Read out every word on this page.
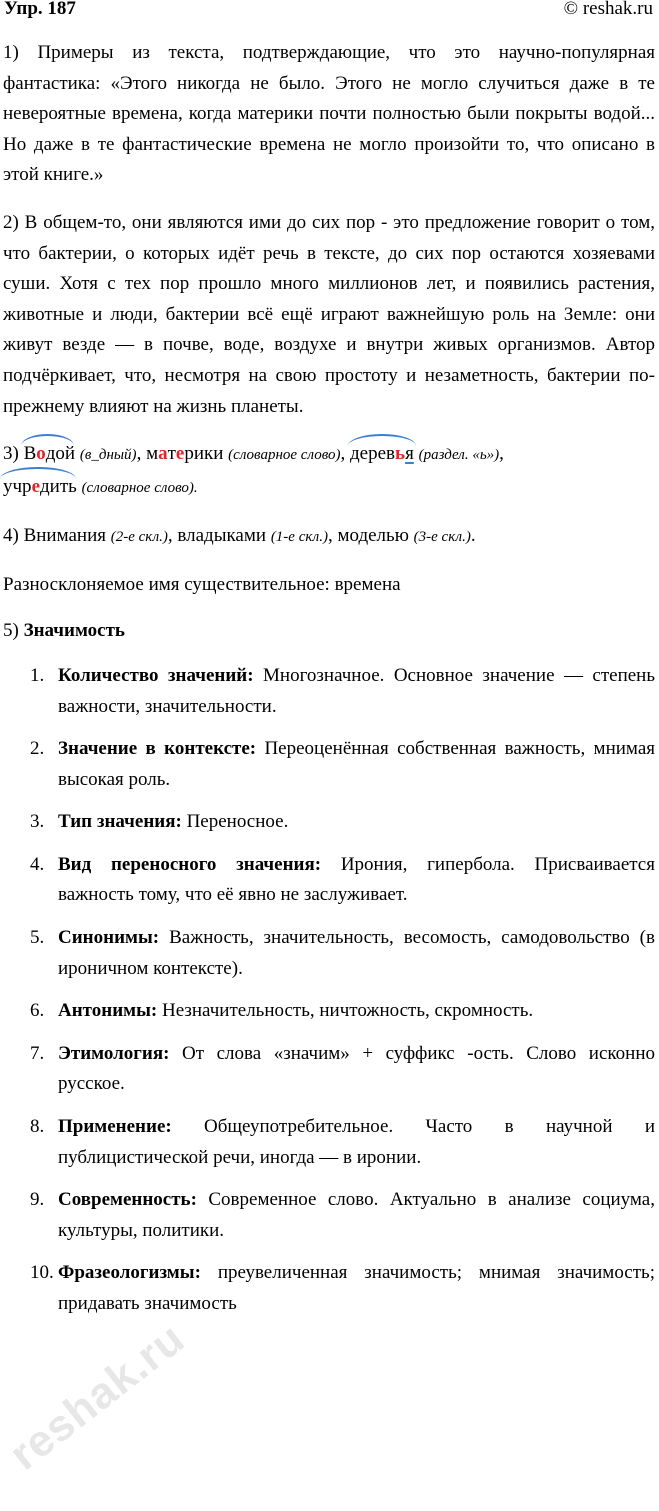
Упр. 187	© reshak.ru

1) Примеры из текста, подтверждающие, что это научно-популярная фантастика: «Этого никогда не было. Этого не могло случиться даже в те невероятные времена, когда материки почти полностью были покрыты водой... Но даже в те фантастические времена не могло произойти то, что описано в этой книге.»

2) В общем-то, они являются ими до сих пор - это предложение говорит о том, что бактерии, о которых идёт речь в тексте, до сих пор остаются хозяевами суши. Хотя с тех пор прошло много миллионов лет, и появились растения, животные и люди, бактерии всё ещё играют важнейшую роль на Земле: они живут везде — в почве, воде, воздухе и внутри живых организмов. Автор подчёркивает, что, несмотря на свою простоту и незаметность, бактерии по-прежнему влияют на жизнь планеты.

3) Водой (в_дный), материки (словарное слово), деревья (раздел. «ь»),
учредить (словарное слово).

4) Внимания (2-е скл.), владыками (1-е скл.), моделью (3-е скл.).

Разносклоняемое имя существительное: времена

5) Значимость

1. Количество значений: Многозначное. Основное значение — степень важности, значительности.
2. Значение в контексте: Переоценённая собственная важность, мнимая высокая роль.
3. Тип значения: Переносное.
4. Вид переносного значения: Ирония, гипербола. Присваивается важность тому, что её явно не заслуживает.
5. Синонимы: Важность, значительность, весомость, самодовольство (в ироничном контексте).
6. Антонимы: Незначительность, ничтожность, скромность.
7. Этимология: От слова «значим» + суффикс -ость. Слово исконно русское.
8. Применение: Общеупотребительное. Часто в научной и публицистической речи, иногда — в иронии.
9. Современность: Современное слово. Актуально в анализе социума, культуры, политики.
10. Фразеологизмы: преувеличенная значимость; мнимая значимость; придавать значимость
reshak.ru
